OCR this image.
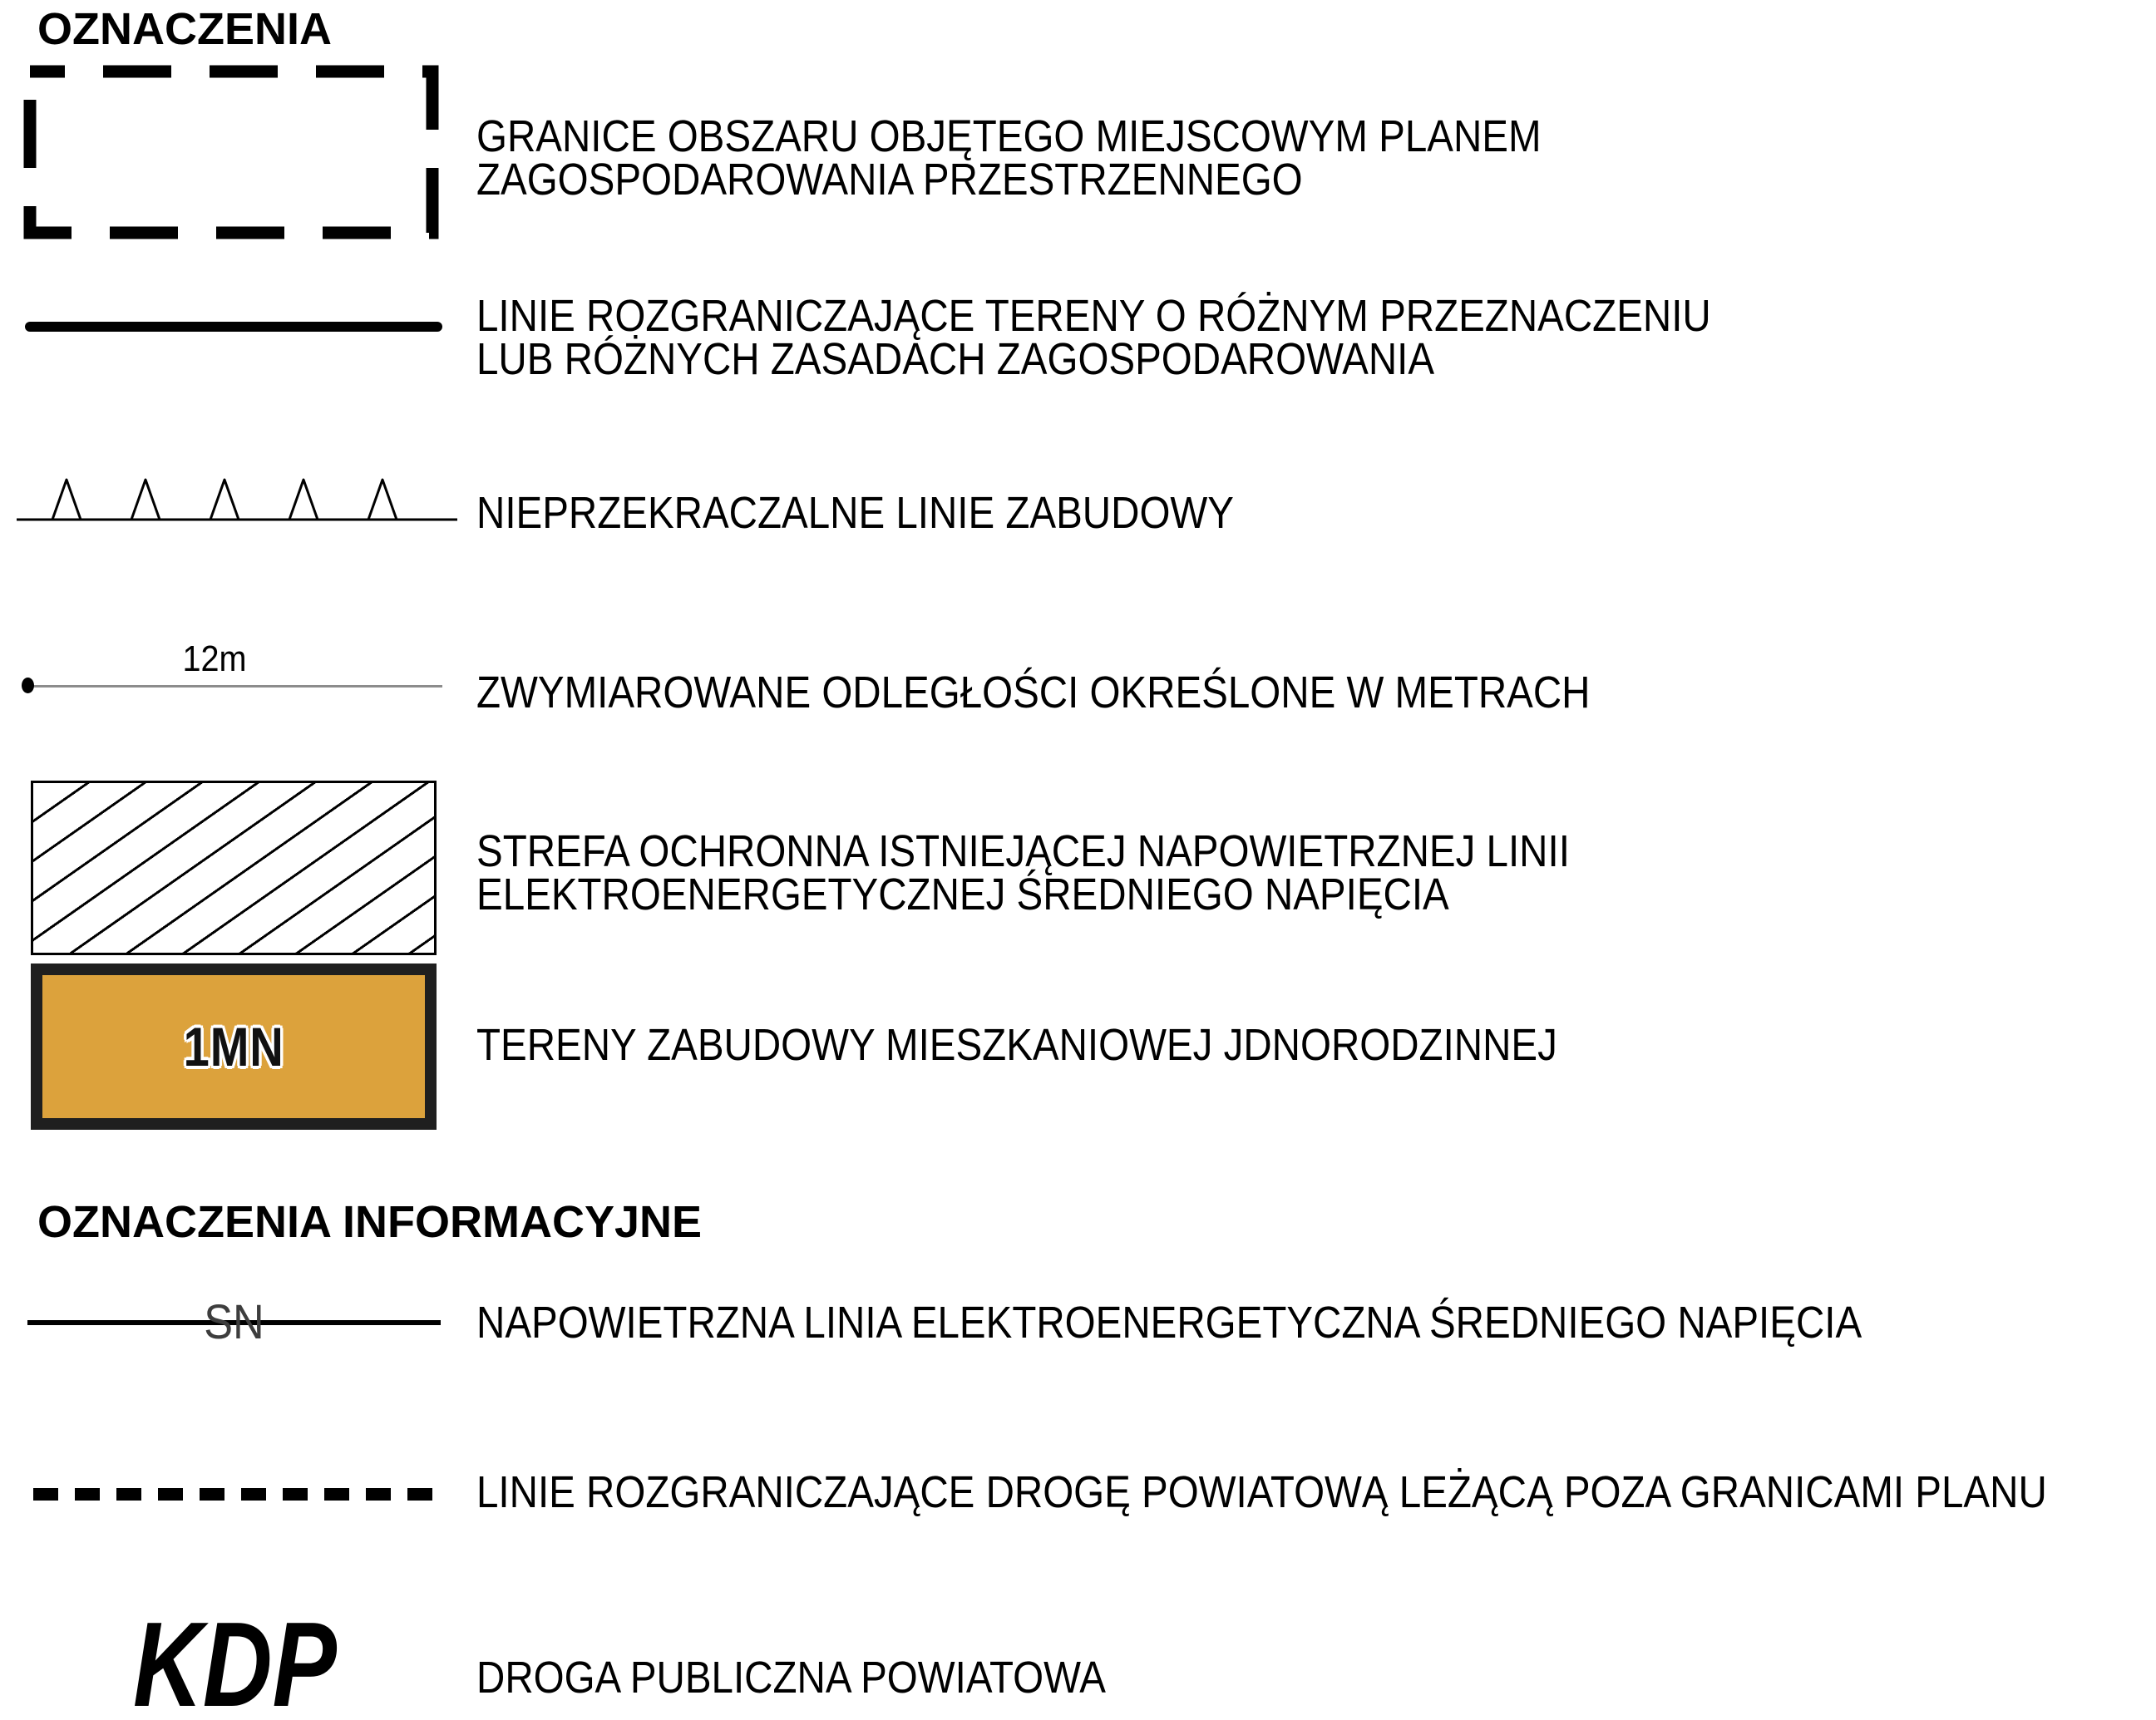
OZNACZENIA
GRANICE OBSZARU OBJĘTEGO MIEJSCOWYM PLANEM
ZAGOSPODAROWANIA PRZESTRZENNEGO
LINIE ROZGRANICZAJĄCE TERENY O RÓŻNYM PRZEZNACZENIU
LUB RÓŻNYCH ZASADACH ZAGOSPODAROWANIA
NIEPRZEKRACZALNE LINIE ZABUDOWY
12m
ZWYMIAROWANE ODLEGŁOŚCI OKREŚLONE W METRACH
STREFA OCHRONNA ISTNIEJĄCEJ NAPOWIETRZNEJ LINII
ELEKTROENERGETYCZNEJ ŚREDNIEGO NAPIĘCIA
1MN	TERENY ZABUDOWY MIESZKANIOWEJ JDNORODZINNEJ
OZNACZENIA INFORMACYJNE
SN	NAPOWIETRZNA LINIA ELEKTROENERGETYCZNA ŚREDNIEGO NAPIĘCIA
LINIE ROZGRANICZAJĄCE DROGĘ POWIATOWĄ LEŻĄCĄ POZA GRANICAMI PLANU
KDP	DROGA PUBLICZNA POWIATOWA
